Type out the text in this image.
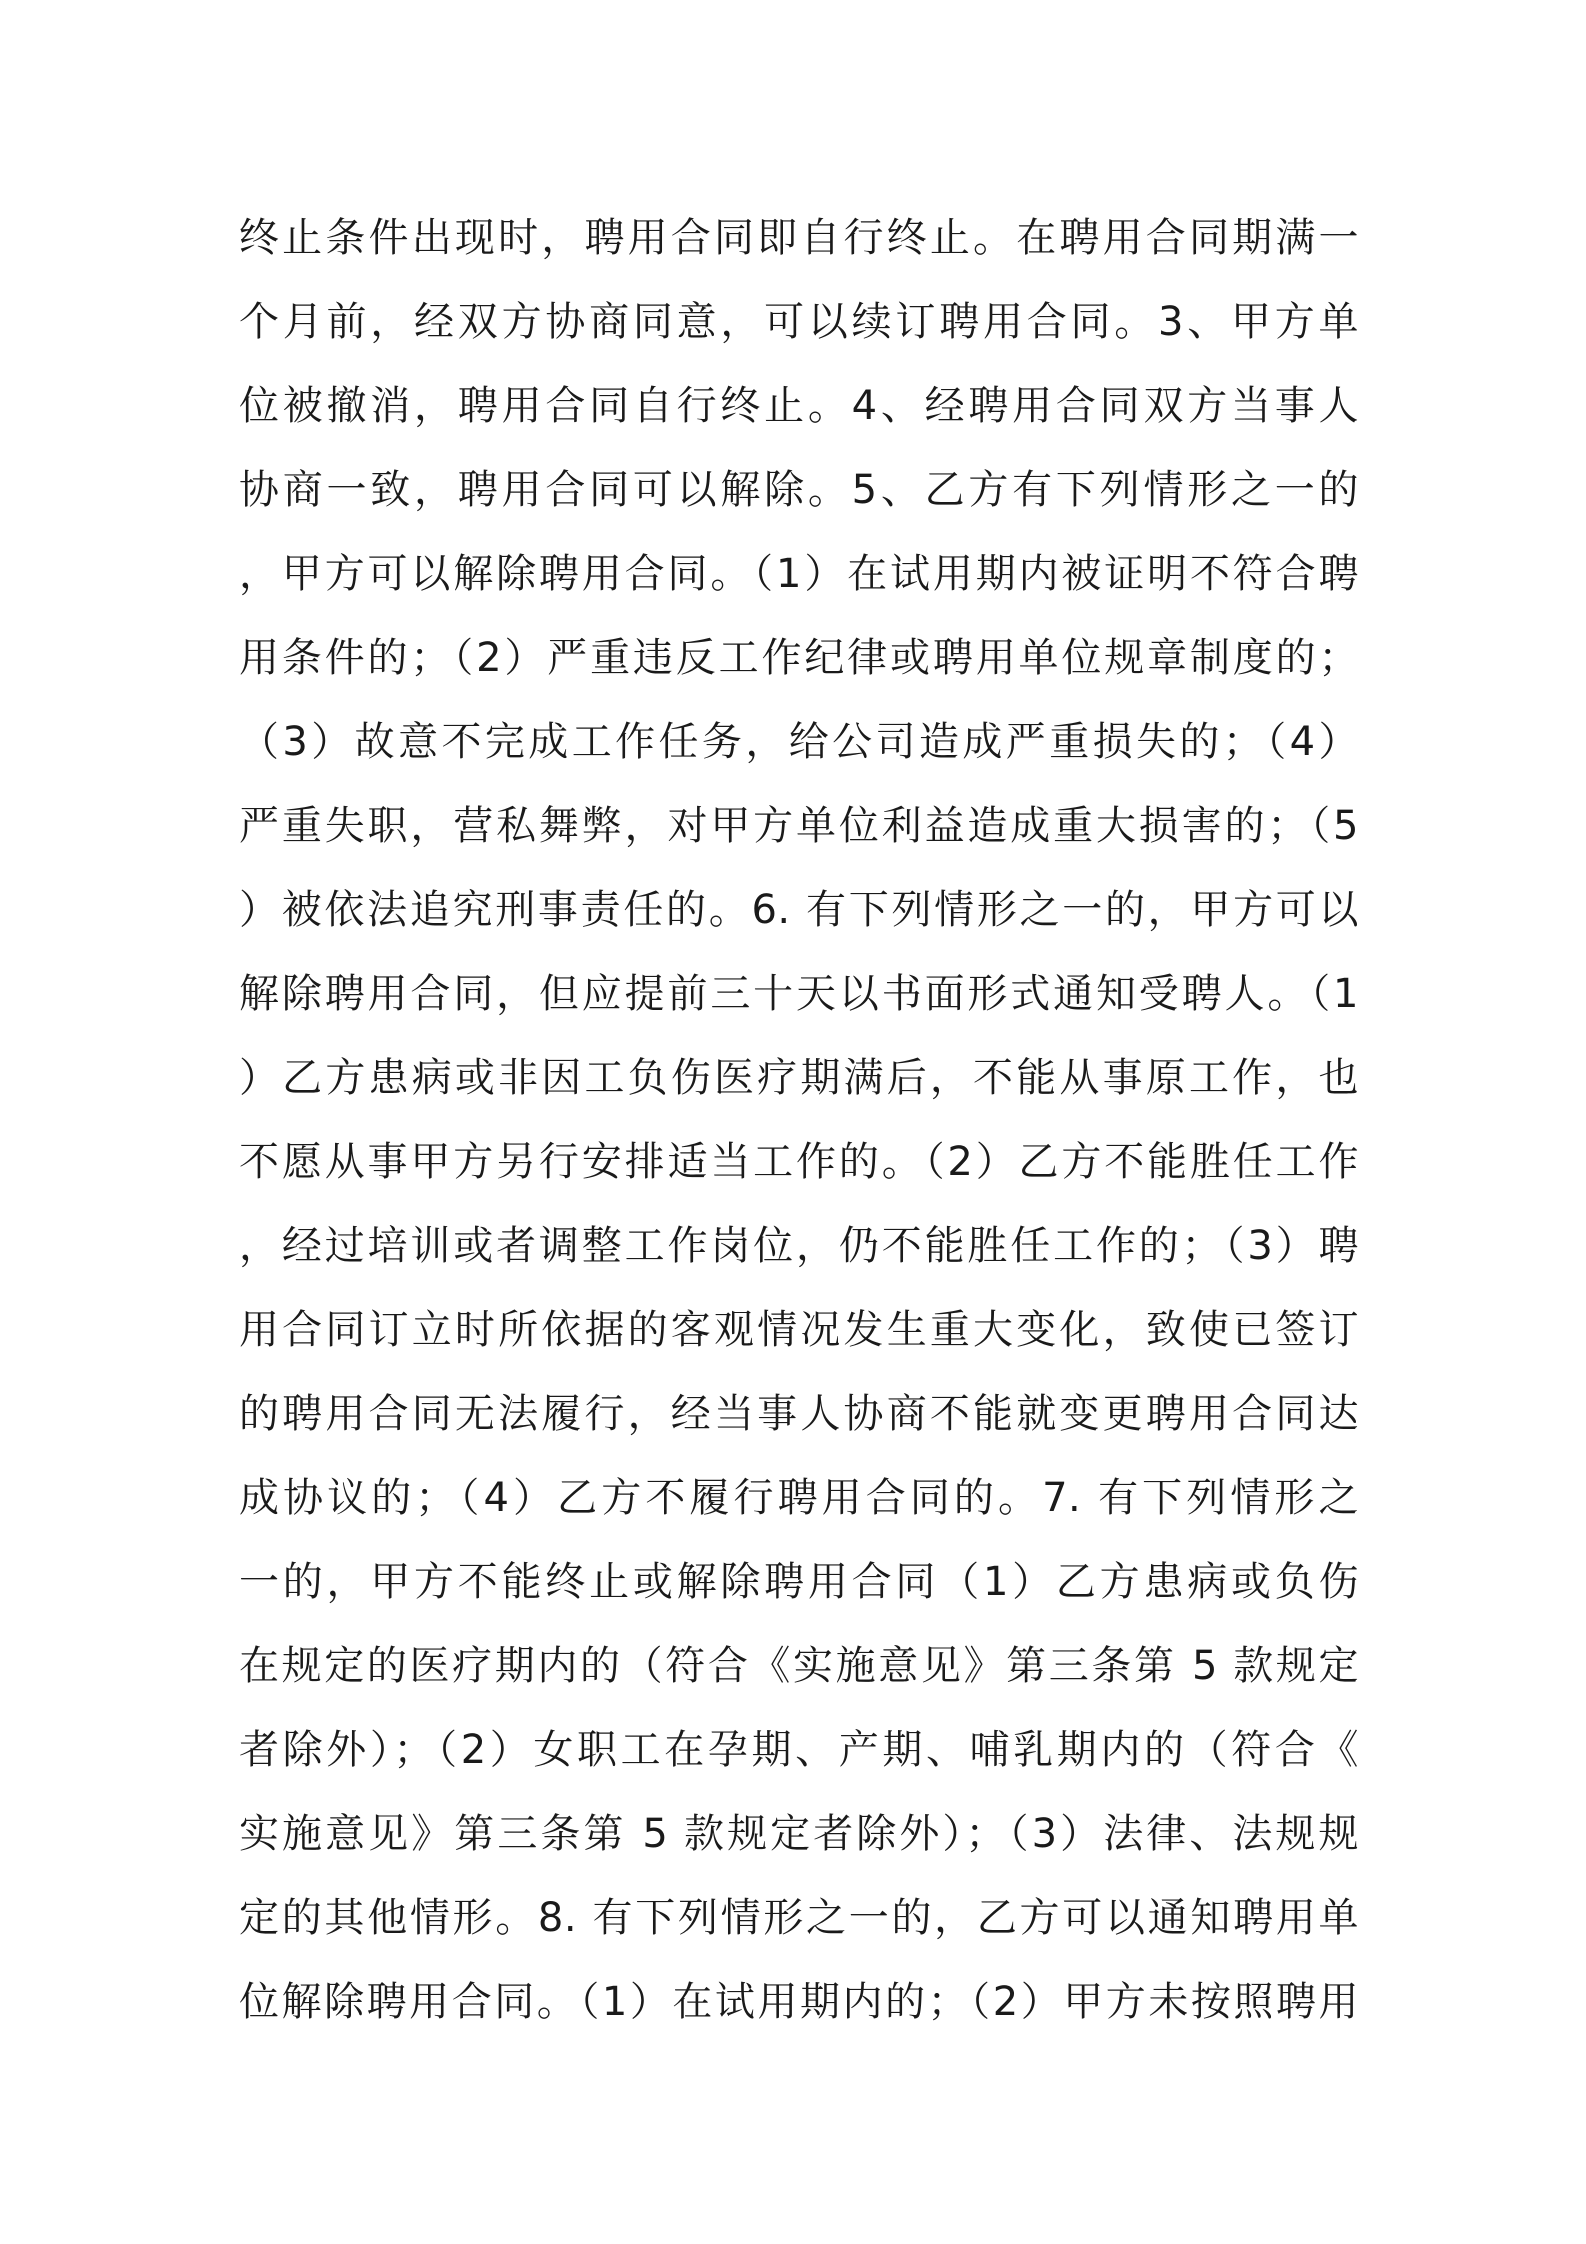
终止条件出现时，聘用合同即自行终止。在聘用合同期满一
个月前，经双方协商同意，可以续订聘用合同。3、甲方单
位被撤消，聘用合同自行终止。4、经聘用合同双方当事人
协商一致，聘用合同可以解除。5、乙方有下列情形之一的
，甲方可以解除聘用合同。（1）在试用期内被证明不符合聘
用条件的；（2）严重违反工作纪律或聘用单位规章制度的；
（3）故意不完成工作任务，给公司造成严重损失的；（4）
严重失职，营私舞弊，对甲方单位利益造成重大损害的；（5
）被依法追究刑事责任的。6. 有下列情形之一的，甲方可以
解除聘用合同，但应提前三十天以书面形式通知受聘人。（1
）乙方患病或非因工负伤医疗期满后，不能从事原工作，也
不愿从事甲方另行安排适当工作的。（2）乙方不能胜任工作
，经过培训或者调整工作岗位，仍不能胜任工作的；（3）聘
用合同订立时所依据的客观情况发生重大变化，致使已签订
的聘用合同无法履行，经当事人协商不能就变更聘用合同达
成协议的；（4）乙方不履行聘用合同的。7. 有下列情形之
一的，甲方不能终止或解除聘用合同（1）乙方患病或负伤
在规定的医疗期内的（符合《实施意见》第三条第 5 款规定
者除外）；（2）女职工在孕期、产期、哺乳期内的（符合《
实施意见》第三条第 5 款规定者除外）；（3）法律、法规规
定的其他情形。8. 有下列情形之一的，乙方可以通知聘用单
位解除聘用合同。（1）在试用期内的；（2）甲方未按照聘用
